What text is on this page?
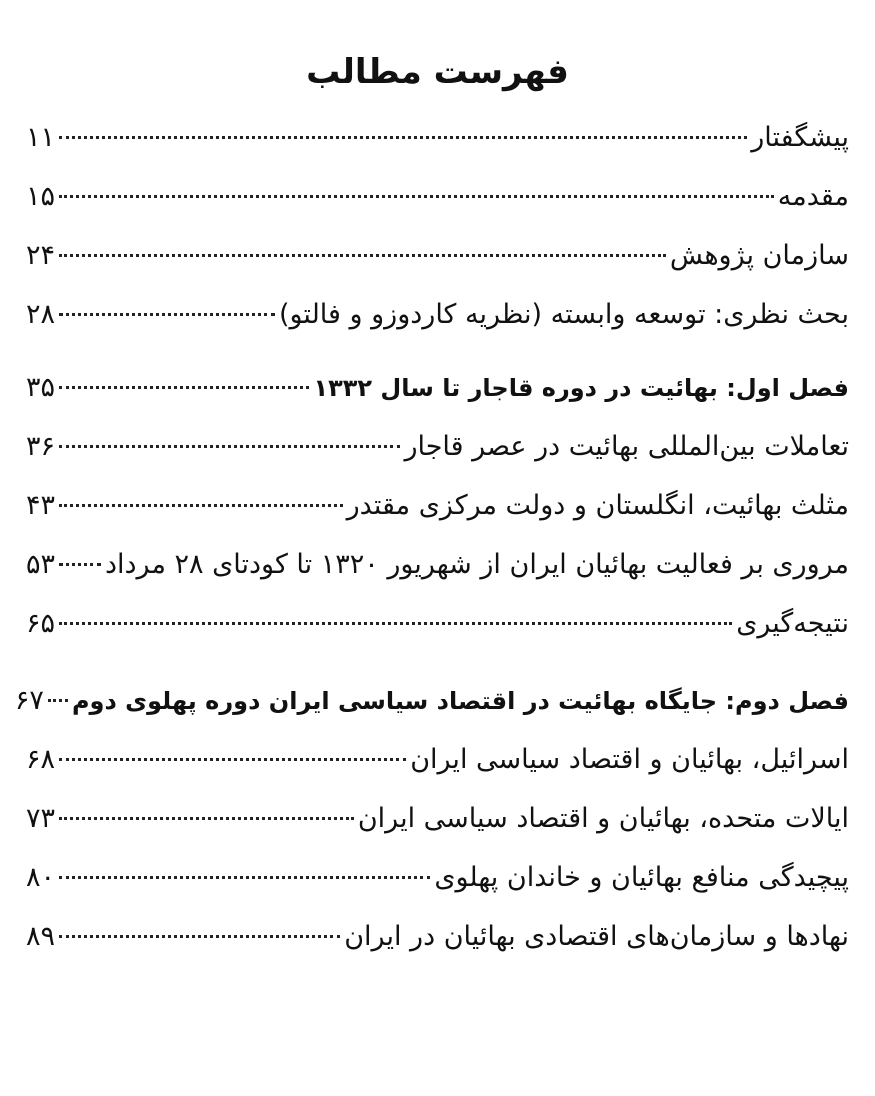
فهرست مطالب
پیشگفتار
۱۱
مقدمه
۱۵
سازمان پژوهش
۲۴
بحث نظری: توسعه وابسته (نظریه کاردوزو و فالتو)
۲۸
فصل اول: بهائیت در دوره قاجار تا سال ۱۳۳۲
۳۵
تعاملات بین‌المللی بهائیت در عصر قاجار
۳۶
مثلث بهائیت، انگلستان و دولت مرکزی مقتدر
۴۳
مروری بر فعالیت بهائیان ایران از شهریور ۱۳۲۰ تا کودتای ۲۸ مرداد
۵۳
نتیجه‌گیری
۶۵
فصل دوم: جایگاه بهائیت در اقتصاد سیاسی ایران دوره پهلوی دوم
۶۷
اسرائیل، بهائیان و اقتصاد سیاسی ایران
۶۸
ایالات متحده، بهائیان و اقتصاد سیاسی ایران
۷۳
پیچیدگی منافع بهائیان و خاندان پهلوی
۸۰
نهادها و سازمان‌های اقتصادی بهائیان در ایران
۸۹
